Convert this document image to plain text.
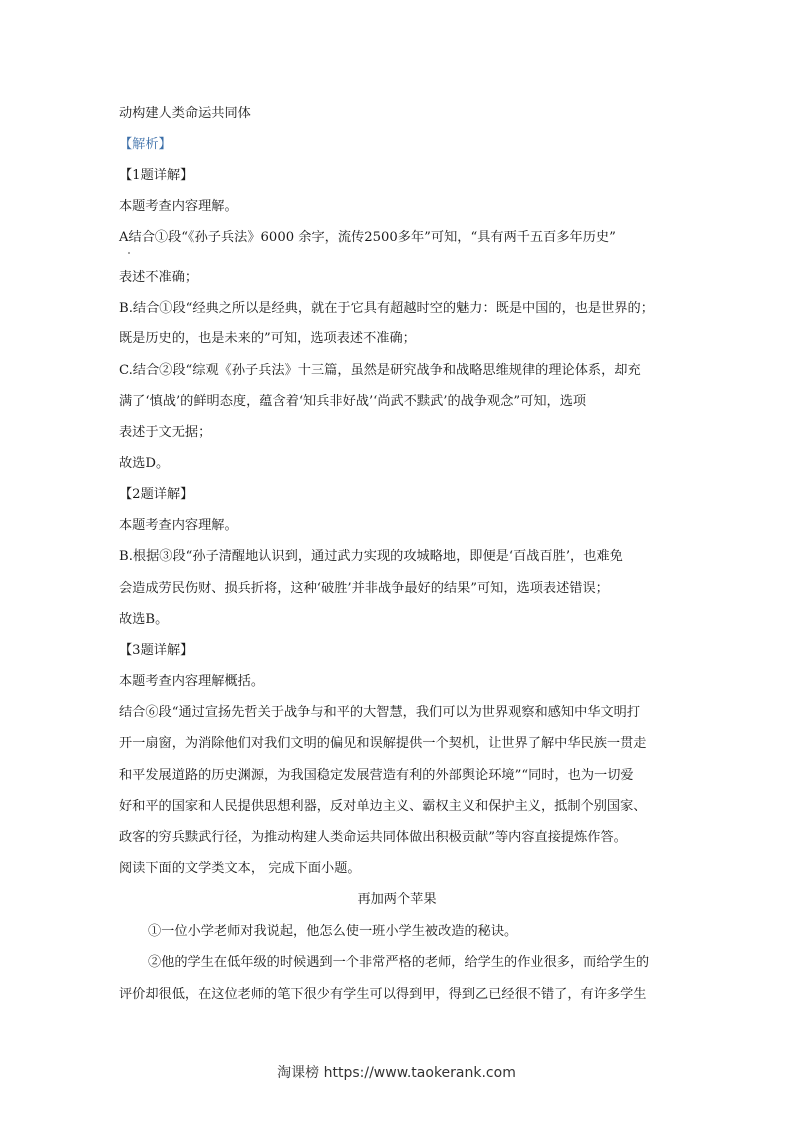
动构建人类命运共同体
【解析】
【1题详解】
本题考查内容理解。
A结合①段“《孙子兵法》6000 余字，流传2500多年”可知，“具有两千五百多年历史”
表述不准确；
B.结合①段“经典之所以是经典，就在于它具有超越时空的魅力：既是中国的，也是世界的；
既是历史的，也是未来的”可知，选项表述不准确；
C.结合②段“综观《孙子兵法》十三篇，虽然是研究战争和战略思维规律的理论体系，却充
满了‘慎战’的鲜明态度，蕴含着‘知兵非好战’‘尚武不黩武’的战争观念”可知，选项
表述于文无据；
故选D。
【2题详解】
本题考查内容理解。
B.根据③段“孙子清醒地认识到，通过武力实现的攻城略地，即便是‘百战百胜’，也难免
会造成劳民伤财、损兵折将，这种‘破胜’并非战争最好的结果”可知，选项表述错误；
故选B。
【3题详解】
本题考查内容理解概括。
结合⑥段“通过宣扬先哲关于战争与和平的大智慧，我们可以为世界观察和感知中华文明打
开一扇窗，为消除他们对我们文明的偏见和误解提供一个契机，让世界了解中华民族一贯走
和平发展道路的历史渊源，为我国稳定发展营造有利的外部舆论环境”“同时，也为一切爱
好和平的国家和人民提供思想利器，反对单边主义、霸权主义和保护主义，抵制个别国家、
政客的穷兵黩武行径，为推动构建人类命运共同体做出积极贡献”等内容直接提炼作答。
阅读下面的文学类文本， 完成下面小题。
再加两个苹果
①一位小学老师对我说起，他怎么使一班小学生被改造的秘诀。
②他的学生在低年级的时候遇到一个非常严格的老师，给学生的作业很多，而给学生的
评价却很低，在这位老师的笔下很少有学生可以得到甲，得到乙已经很不错了，有许多学生
淘课榜 https://www.taokerank.com
